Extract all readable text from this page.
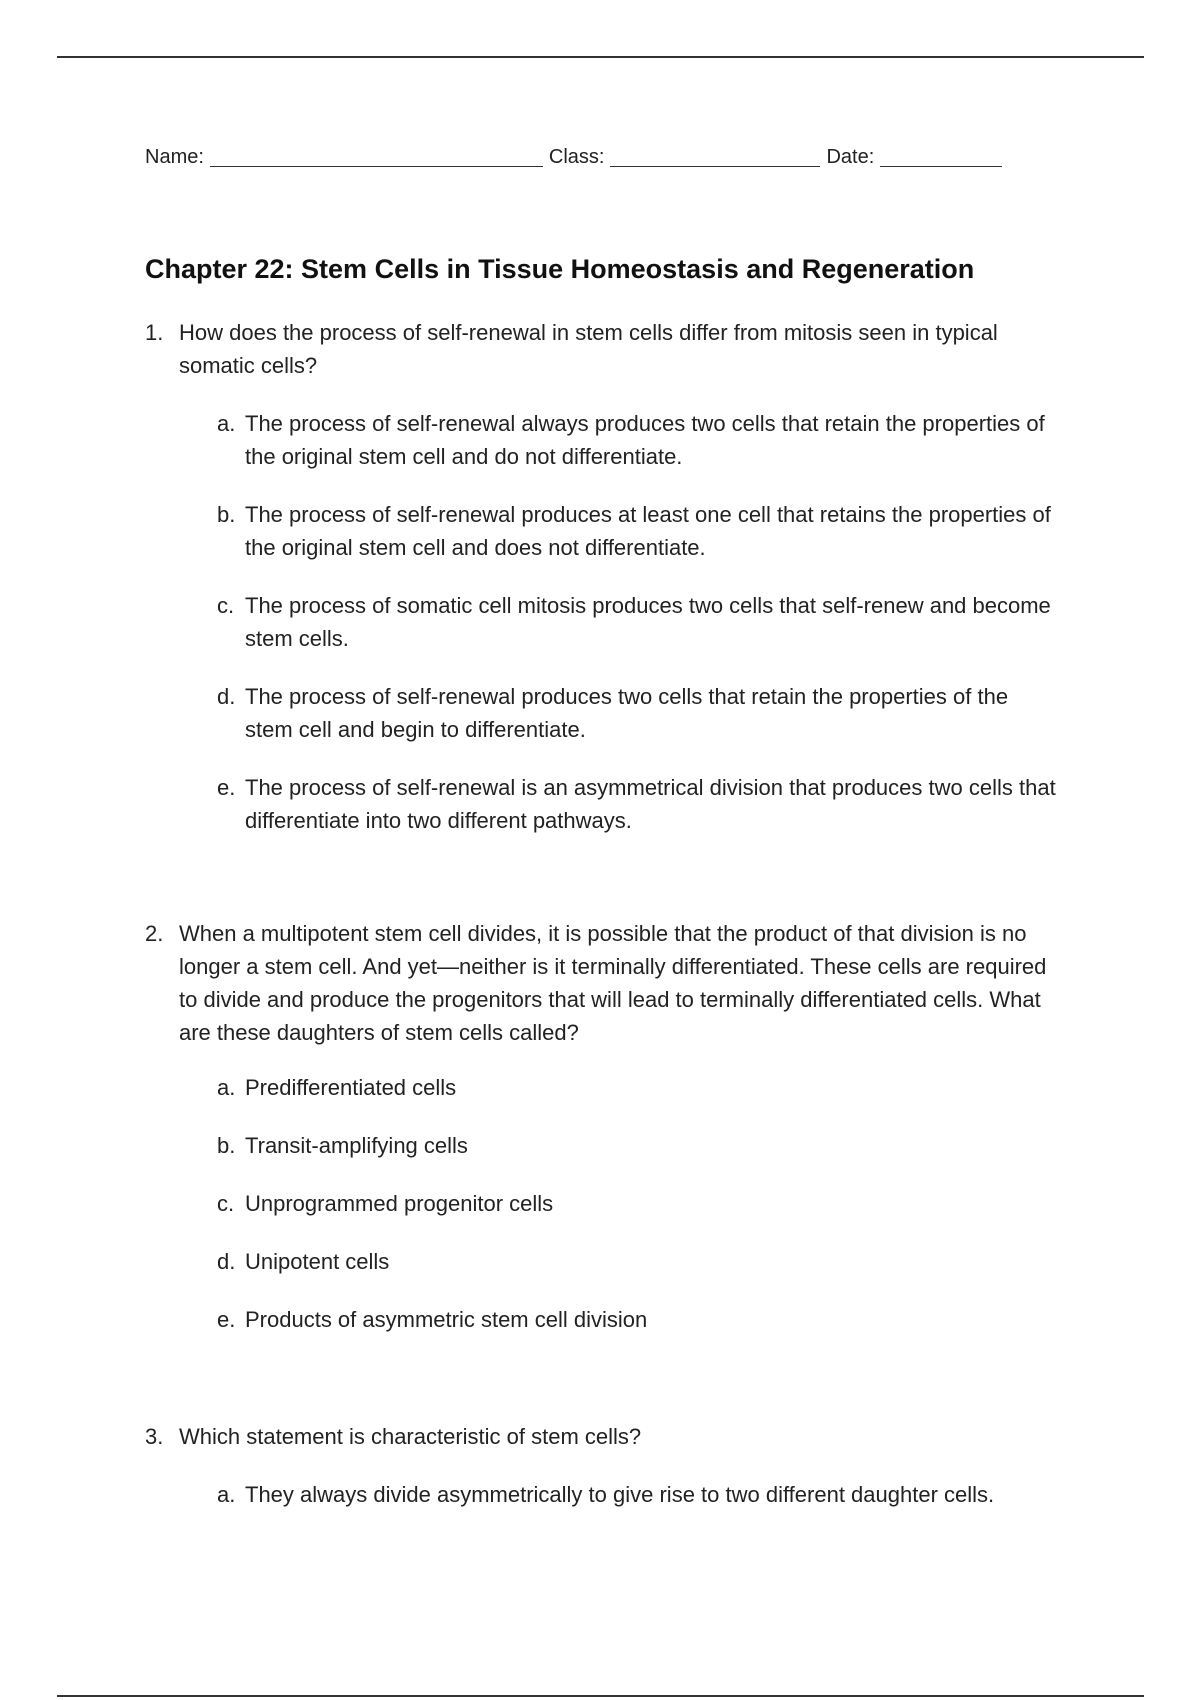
Name:	Class:	Date:
Chapter 22: Stem Cells in Tissue Homeostasis and Regeneration
1. How does the process of self-renewal in stem cells differ from mitosis seen in typical somatic cells?
a. The process of self-renewal always produces two cells that retain the properties of the original stem cell and do not differentiate.
b. The process of self-renewal produces at least one cell that retains the properties of the original stem cell and does not differentiate.
c. The process of somatic cell mitosis produces two cells that self-renew and become stem cells.
d. The process of self-renewal produces two cells that retain the properties of the stem cell and begin to differentiate.
e. The process of self-renewal is an asymmetrical division that produces two cells that differentiate into two different pathways.
2. When a multipotent stem cell divides, it is possible that the product of that division is no longer a stem cell. And yet—neither is it terminally differentiated. These cells are required to divide and produce the progenitors that will lead to terminally differentiated cells. What are these daughters of stem cells called?
a. Predifferentiated cells
b. Transit-amplifying cells
c. Unprogrammed progenitor cells
d. Unipotent cells
e. Products of asymmetric stem cell division
3. Which statement is characteristic of stem cells?
a. They always divide asymmetrically to give rise to two different daughter cells.
